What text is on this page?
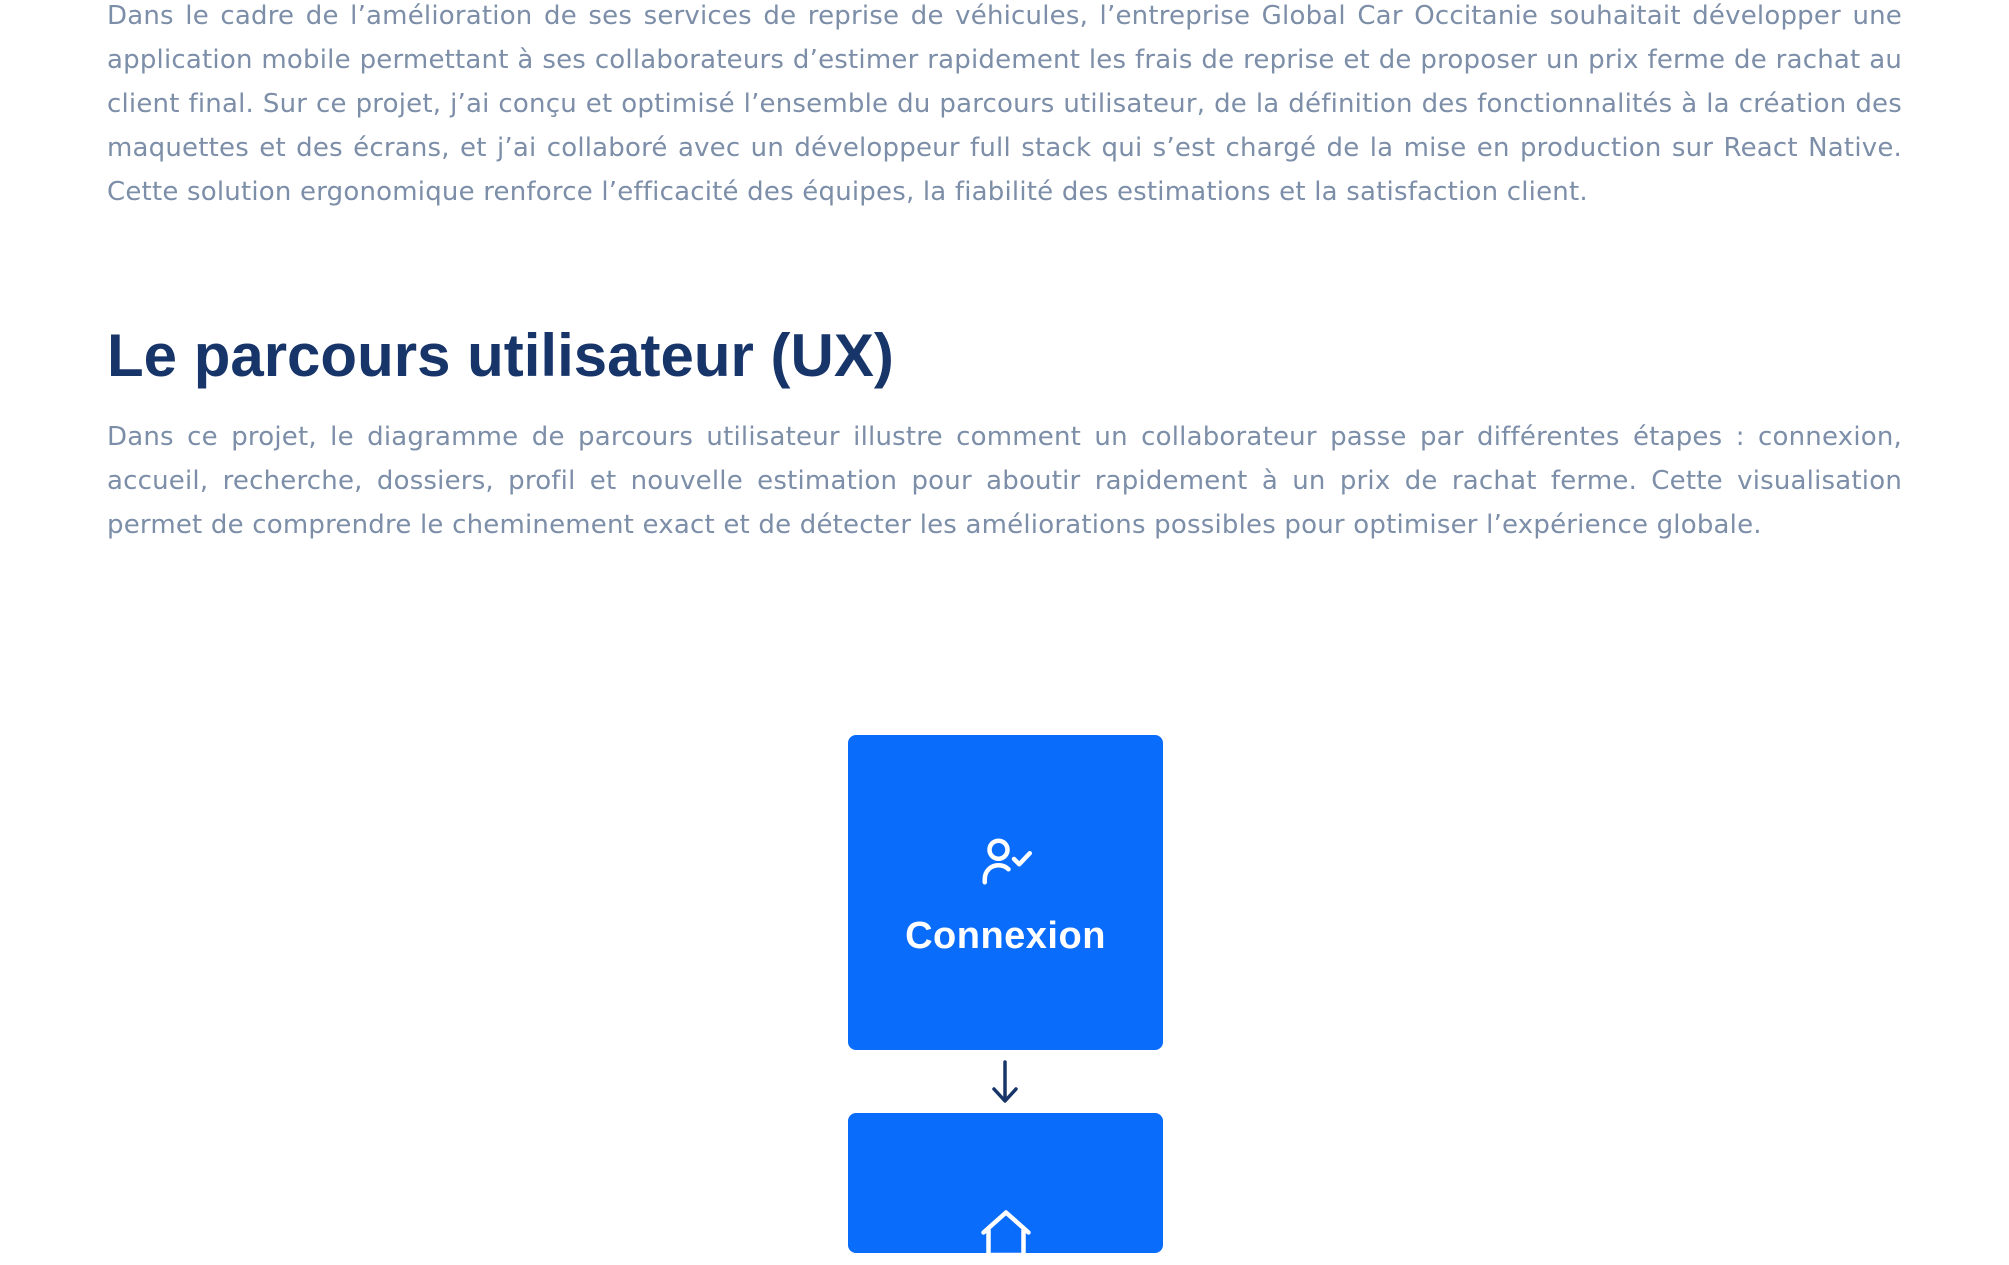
Dans le cadre de l’amélioration de ses services de reprise de véhicules, l’entreprise Global Car Occitanie souhaitait développer une application mobile permettant à ses collaborateurs d’estimer rapidement les frais de reprise et de proposer un prix ferme de rachat au client final. Sur ce projet, j’ai conçu et optimisé l’ensemble du parcours utilisateur, de la définition des fonctionnalités à la création des maquettes et des écrans, et j’ai collaboré avec un développeur full stack qui s’est chargé de la mise en production sur React Native. Cette solution ergonomique renforce l’efficacité des équipes, la fiabilité des estimations et la satisfaction client.

Le parcours utilisateur (UX)

Dans ce projet, le diagramme de parcours utilisateur illustre comment un collaborateur passe par différentes étapes : connexion, accueil, recherche, dossiers, profil et nouvelle estimation pour aboutir rapidement à un prix de rachat ferme. Cette visualisation permet de comprendre le cheminement exact et de détecter les améliorations possibles pour optimiser l’expérience globale.

Connexion
